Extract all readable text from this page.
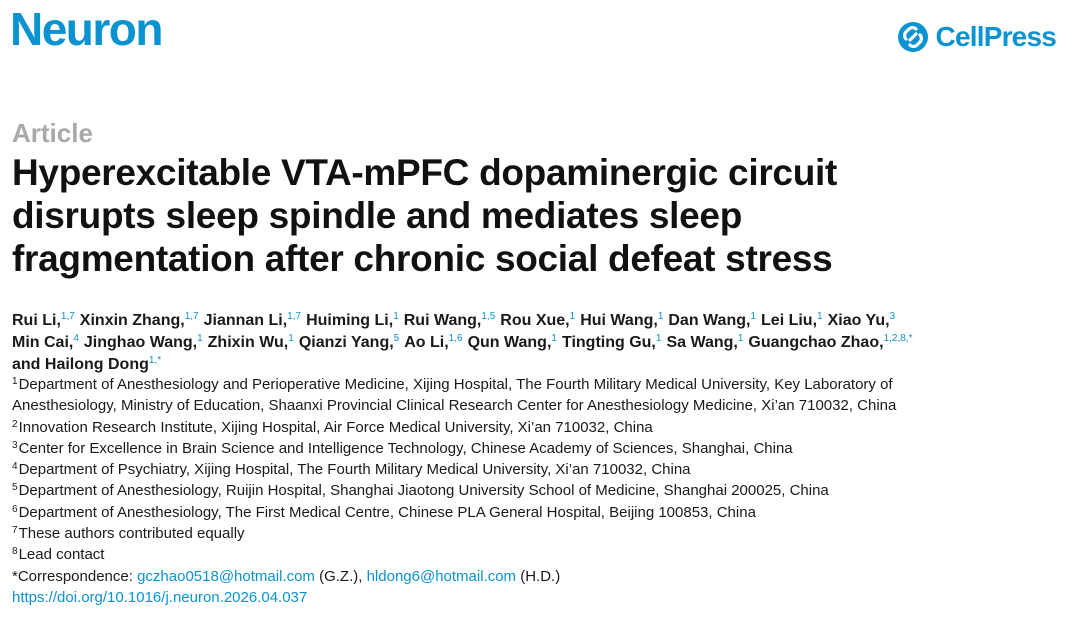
Neuron	CellPress
Article
Hyperexcitable VTA-mPFC dopaminergic circuit
disrupts sleep spindle and mediates sleep
fragmentation after chronic social defeat stress
Rui Li,$^{1,7}$ Xinxin Zhang,$^{1,7}$ Jiannan Li,$^{1,7}$ Huiming Li,$^1$ Rui Wang,$^{1,5}$ Rou Xue,$^1$ Hui Wang,$^1$ Dan Wang,$^1$ Lei Liu,$^1$ Xiao Yu,$^3$
Min Cai,$^4$ Jinghao Wang,$^1$ Zhixin Wu,$^1$ Qianzi Yang,$^5$ Ao Li,$^{1,6}$ Qun Wang,$^1$ Tingting Gu,$^1$ Sa Wang,$^1$ Guangchao Zhao,$^{1,2,8,*}$
and Hailong Dong$^{1,*}$
$^1$Department of Anesthesiology and Perioperative Medicine, Xijing Hospital, The Fourth Military Medical University, Key Laboratory of
Anesthesiology, Ministry of Education, Shaanxi Provincial Clinical Research Center for Anesthesiology Medicine, Xi’an 710032, China
$^2$Innovation Research Institute, Xijing Hospital, Air Force Medical University, Xi’an 710032, China
$^3$Center for Excellence in Brain Science and Intelligence Technology, Chinese Academy of Sciences, Shanghai, China
$^4$Department of Psychiatry, Xijing Hospital, The Fourth Military Medical University, Xi’an 710032, China
$^5$Department of Anesthesiology, Ruijin Hospital, Shanghai Jiaotong University School of Medicine, Shanghai 200025, China
$^6$Department of Anesthesiology, The First Medical Centre, Chinese PLA General Hospital, Beijing 100853, China
$^7$These authors contributed equally
$^8$Lead contact
*Correspondence: gczhao0518@hotmail.com (G.Z.), hldong6@hotmail.com (H.D.)
https://doi.org/10.1016/j.neuron.2026.04.037
